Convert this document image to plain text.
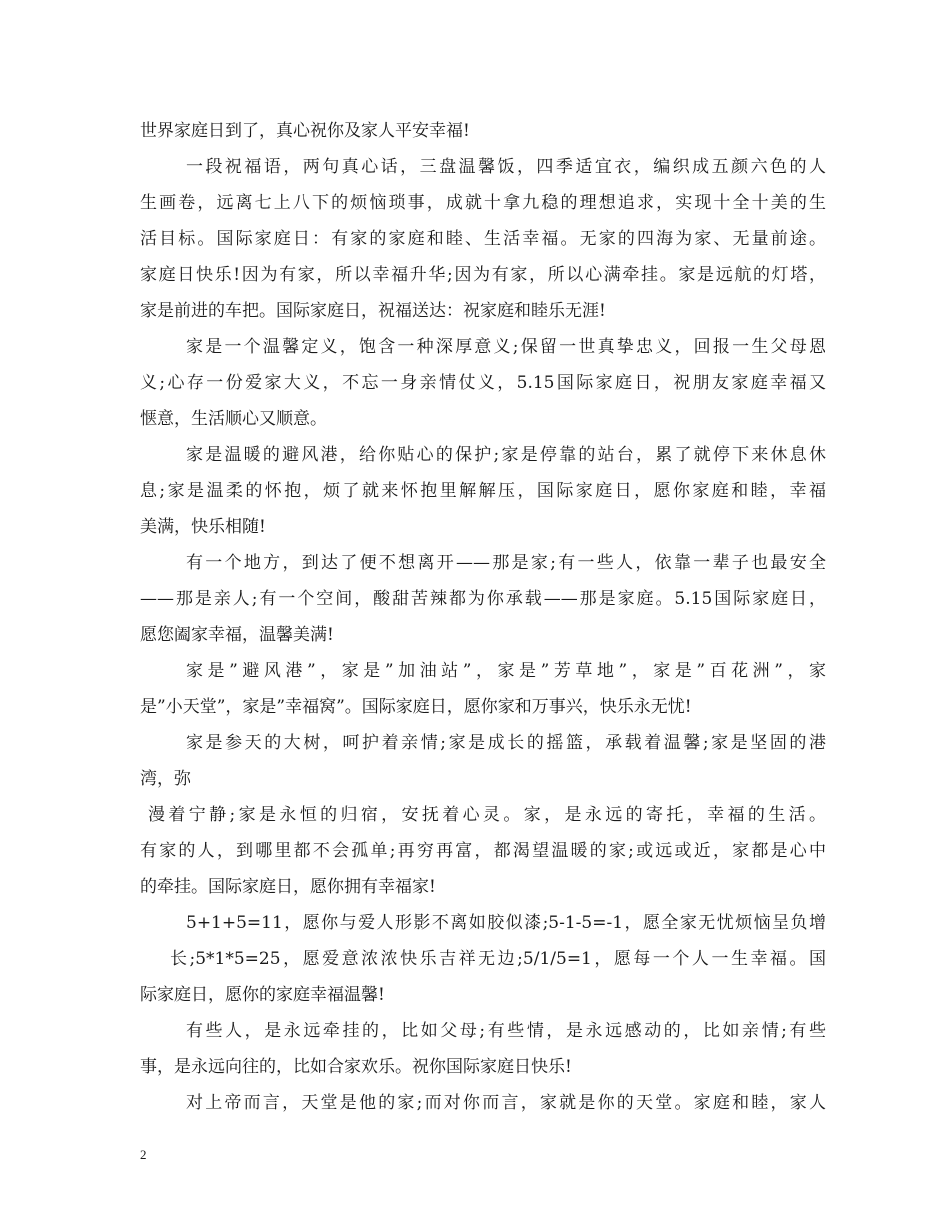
世界家庭日到了，真心祝你及家人平安幸福!
一段祝福语，两句真心话，三盘温馨饭，四季适宜衣，编织成五颜六色的人
生画卷，远离七上八下的烦恼琐事，成就十拿九稳的理想追求，实现十全十美的生
活目标。国际家庭日：有家的家庭和睦、生活幸福。无家的四海为家、无量前途。
家庭日快乐!因为有家，所以幸福升华;因为有家，所以心满牵挂。家是远航的灯塔，
家是前进的车把。国际家庭日，祝福送达：祝家庭和睦乐无涯!
家是一个温馨定义，饱含一种深厚意义;保留一世真挚忠义，回报一生父母恩
义;心存一份爱家大义，不忘一身亲情仗义，5.15国际家庭日，祝朋友家庭幸福又
惬意，生活顺心又顺意。
家是温暖的避风港，给你贴心的保护;家是停靠的站台，累了就停下来休息休
息;家是温柔的怀抱，烦了就来怀抱里解解压，国际家庭日，愿你家庭和睦，幸福
美满，快乐相随!
有一个地方，到达了便不想离开——那是家;有一些人，依靠一辈子也最安全
——那是亲人;有一个空间，酸甜苦辣都为你承载——那是家庭。5.15国际家庭日，
愿您阖家幸福，温馨美满!
家是”避风港”，家是”加油站”，家是”芳草地”，家是”百花洲”，家
是”小天堂”，家是”幸福窝”。国际家庭日，愿你家和万事兴，快乐永无忧!
家是参天的大树，呵护着亲情;家是成长的摇篮，承载着温馨;家是坚固的港
湾，弥
漫着宁静;家是永恒的归宿，安抚着心灵。家，是永远的寄托，幸福的生活。
有家的人，到哪里都不会孤单;再穷再富，都渴望温暖的家;或远或近，家都是心中
的牵挂。国际家庭日，愿你拥有幸福家!
5+1+5=11，愿你与爱人形影不离如胶似漆;5-1-5=-1，愿全家无忧烦恼呈负增
长;5*1*5=25，愿爱意浓浓快乐吉祥无边;5/1/5=1，愿每一个人一生幸福。国
际家庭日，愿你的家庭幸福温馨!
有些人，是永远牵挂的，比如父母;有些情，是永远感动的，比如亲情;有些
事，是永远向往的，比如合家欢乐。祝你国际家庭日快乐!
对上帝而言，天堂是他的家;而对你而言，家就是你的天堂。家庭和睦，家人
2
